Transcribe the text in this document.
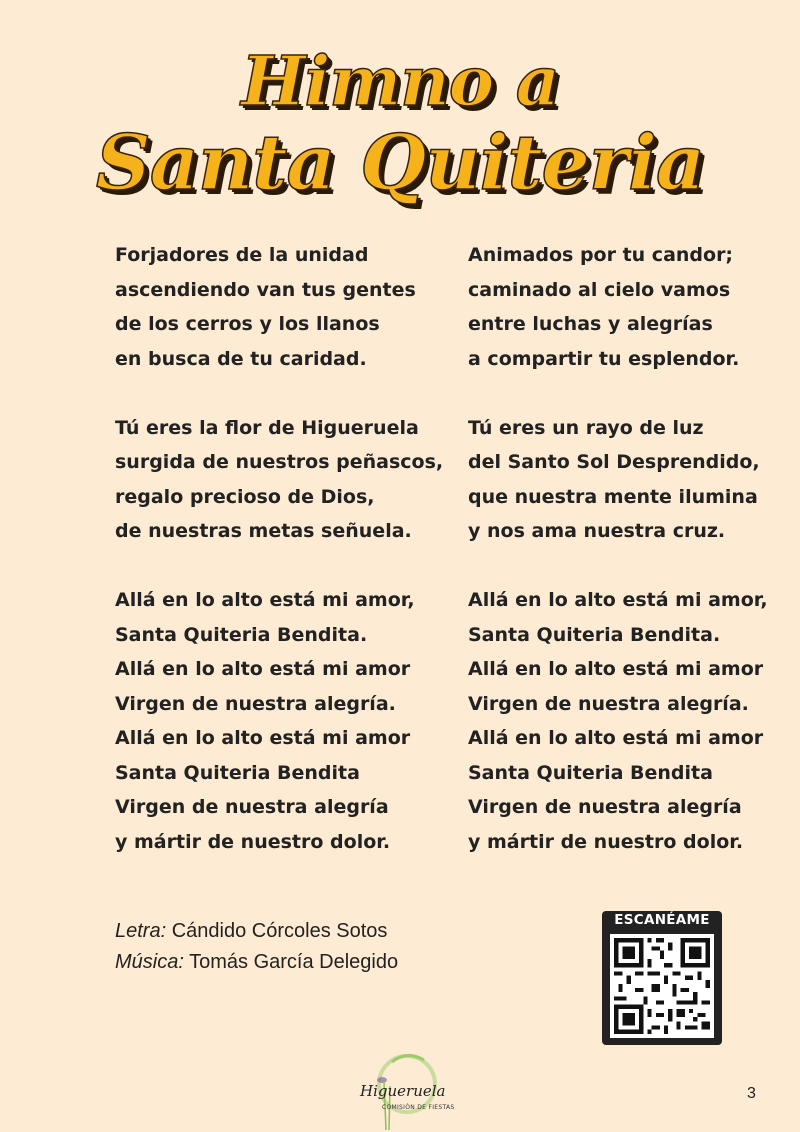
Himno a
Santa Quiteria
Forjadores de la unidad
ascendiendo van tus gentes
de los cerros y los llanos
en busca de tu caridad.
Tú eres la flor de Higueruela
surgida de nuestros peñascos,
regalo precioso de Dios,
de nuestras metas señuela.
Allá en lo alto está mi amor,
Santa Quiteria Bendita.
Allá en lo alto está mi amor
Virgen de nuestra alegría.
Allá en lo alto está mi amor
Santa Quiteria Bendita
Virgen de nuestra alegría
y mártir de nuestro dolor.
Animados por tu candor;
caminado al cielo vamos
entre luchas y alegrías
a compartir tu esplendor.
Tú eres un rayo de luz
del Santo Sol Desprendido,
que nuestra mente ilumina
y nos ama nuestra cruz.
Allá en lo alto está mi amor,
Santa Quiteria Bendita.
Allá en lo alto está mi amor
Virgen de nuestra alegría.
Allá en lo alto está mi amor
Santa Quiteria Bendita
Virgen de nuestra alegría
y mártir de nuestro dolor.
Letra: Cándido Córcoles Sotos
Música: Tomás García Delegido
ESCANÉAME
Higueruela
COMISIÓN DE FIESTAS
3
